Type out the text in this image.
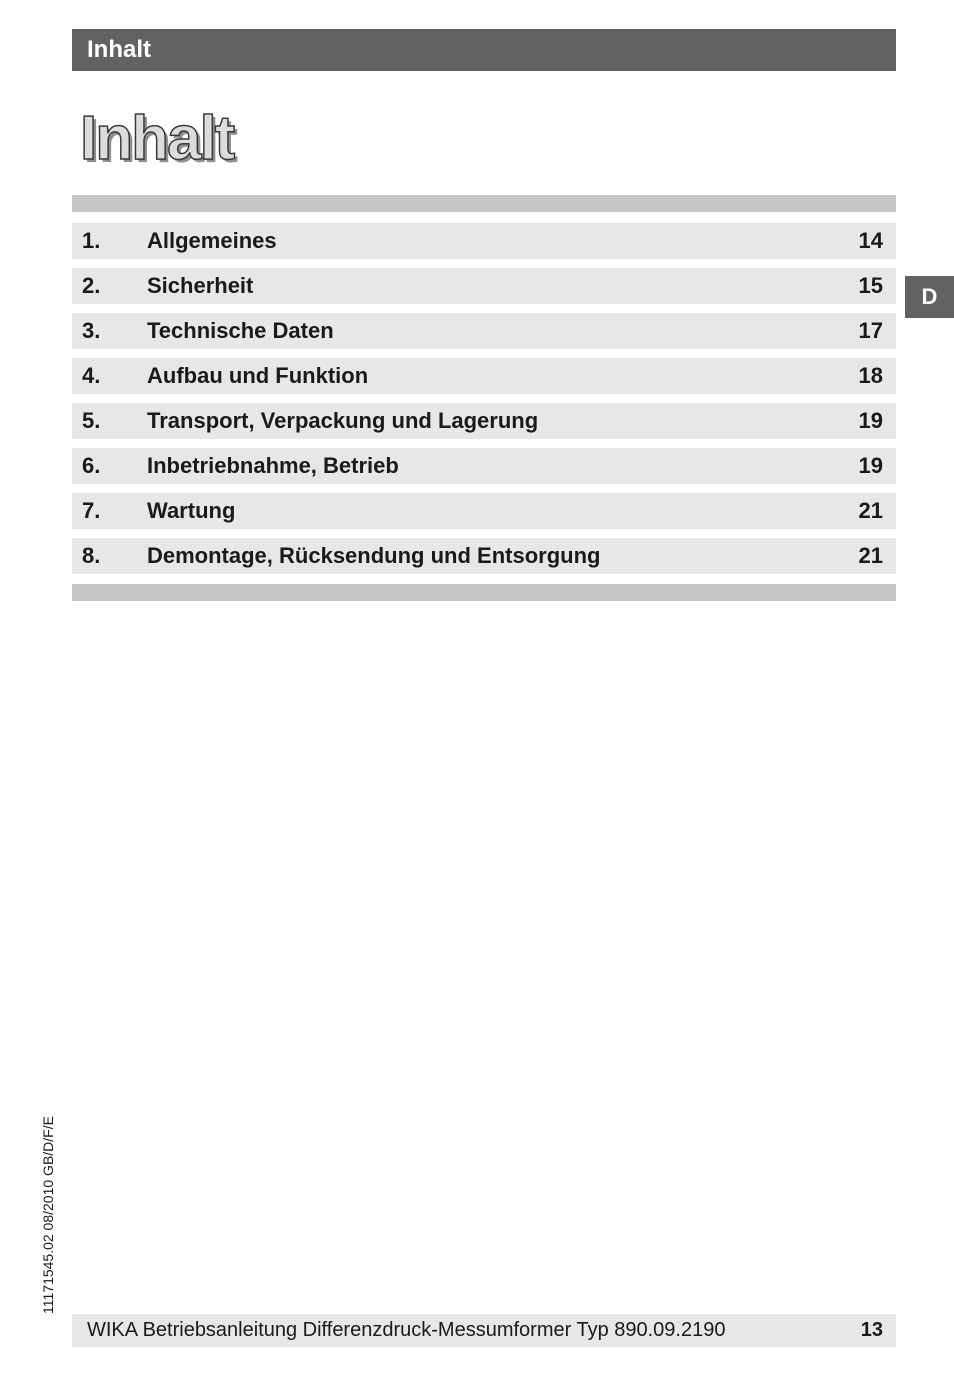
Inhalt
Inhalt
1. Allgemeines	14
2. Sicherheit	15
3. Technische Daten	17
4. Aufbau und Funktion	18
5. Transport, Verpackung und Lagerung	19
6. Inbetriebnahme, Betrieb	19
7. Wartung	21
8. Demontage, Rücksendung und Entsorgung	21
D
11171545.02 08/2010 GB/D/F/E
WIKA Betriebsanleitung Differenzdruck-Messumformer Typ 890.09.2190	13
